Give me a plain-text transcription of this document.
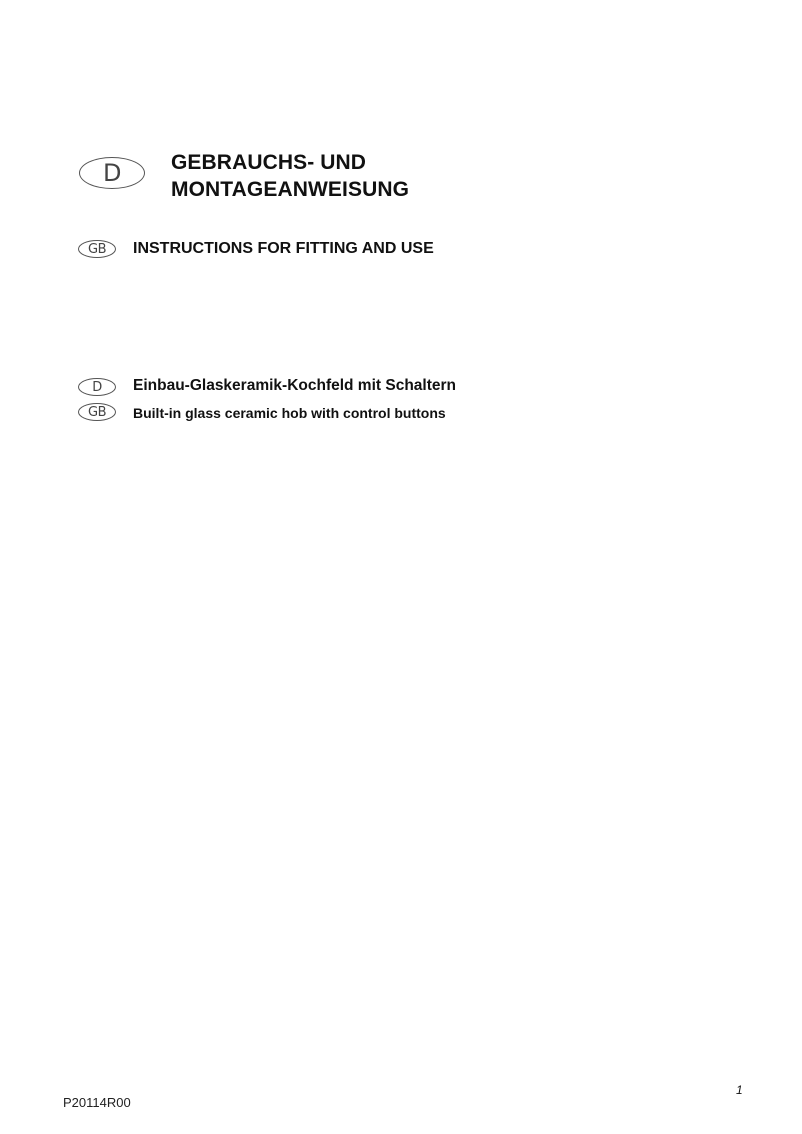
D GEBRAUCHS- UND
MONTAGEANWEISUNG
GB INSTRUCTIONS FOR FITTING AND USE
D Einbau-Glaskeramik-Kochfeld mit Schaltern
GB Built-in glass ceramic hob with control buttons
1
P20114R00
